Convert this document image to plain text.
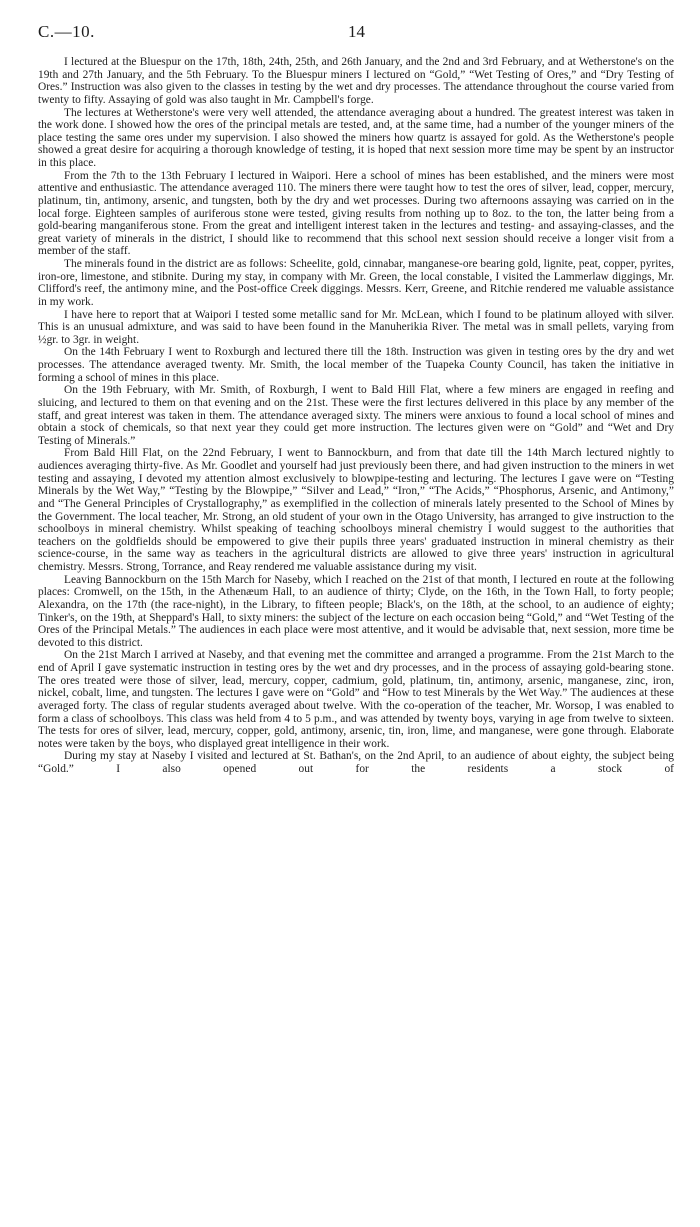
C.—10.	14

I lectured at the Bluespur on the 17th, 18th, 24th, 25th, and 26th January, and the 2nd and 3rd February, and at Wetherstone's on the 19th and 27th January, and the 5th February. To the Bluespur miners I lectured on “Gold,” “Wet Testing of Ores,” and “Dry Testing of Ores.” Instruction was also given to the classes in testing by the wet and dry processes. The attendance throughout the course varied from twenty to fifty. Assaying of gold was also taught in Mr. Campbell's forge.

The lectures at Wetherstone's were very well attended, the attendance averaging about a hundred. The greatest interest was taken in the work done. I showed how the ores of the principal metals are tested, and, at the same time, had a number of the younger miners of the place testing the same ores under my supervision. I also showed the miners how quartz is assayed for gold. As the Wetherstone's people showed a great desire for acquiring a thorough knowledge of testing, it is hoped that next session more time may be spent by an instructor in this place.

From the 7th to the 13th February I lectured in Waipori. Here a school of mines has been established, and the miners were most attentive and enthusiastic. The attendance averaged 110. The miners there were taught how to test the ores of silver, lead, copper, mercury, platinum, tin, antimony, arsenic, and tungsten, both by the dry and wet processes. During two afternoons assaying was carried on in the local forge. Eighteen samples of auriferous stone were tested, giving results from nothing up to 8oz. to the ton, the latter being from a gold-bearing manganiferous stone. From the great and intelligent interest taken in the lectures and testing- and assaying-classes, and the great variety of minerals in the district, I should like to recommend that this school next session should receive a longer visit from a member of the staff.

The minerals found in the district are as follows: Scheelite, gold, cinnabar, manganese-ore bearing gold, lignite, peat, copper, pyrites, iron-ore, limestone, and stibnite. During my stay, in company with Mr. Green, the local constable, I visited the Lammerlaw diggings, Mr. Clifford's reef, the antimony mine, and the Post-office Creek diggings. Messrs. Kerr, Greene, and Ritchie rendered me valuable assistance in my work.

I have here to report that at Waipori I tested some metallic sand for Mr. McLean, which I found to be platinum alloyed with silver. This is an unusual admixture, and was said to have been found in the Manuherikia River. The metal was in small pellets, varying from ½gr. to 3gr. in weight.

On the 14th February I went to Roxburgh and lectured there till the 18th. Instruction was given in testing ores by the dry and wet processes. The attendance averaged twenty. Mr. Smith, the local member of the Tuapeka County Council, has taken the initiative in forming a school of mines in this place.

On the 19th February, with Mr. Smith, of Roxburgh, I went to Bald Hill Flat, where a few miners are engaged in reefing and sluicing, and lectured to them on that evening and on the 21st. These were the first lectures delivered in this place by any member of the staff, and great interest was taken in them. The attendance averaged sixty. The miners were anxious to found a local school of mines and obtain a stock of chemicals, so that next year they could get more instruction. The lectures given were on “Gold” and “Wet and Dry Testing of Minerals.”

From Bald Hill Flat, on the 22nd February, I went to Bannockburn, and from that date till the 14th March lectured nightly to audiences averaging thirty-five. As Mr. Goodlet and yourself had just previously been there, and had given instruction to the miners in wet testing and assaying, I devoted my attention almost exclusively to blowpipe-testing and lecturing. The lectures I gave were on “Testing Minerals by the Wet Way,” “Testing by the Blowpipe,” “Silver and Lead,” “Iron,” “The Acids,” “Phosphorus, Arsenic, and Antimony,” and “The General Principles of Crystallography,” as exemplified in the collection of minerals lately presented to the School of Mines by the Government. The local teacher, Mr. Strong, an old student of your own in the Otago University, has arranged to give instruction to the schoolboys in mineral chemistry. Whilst speaking of teaching schoolboys mineral chemistry I would suggest to the authorities that teachers on the goldfields should be empowered to give their pupils three years' graduated instruction in mineral chemistry as their science-course, in the same way as teachers in the agricultural districts are allowed to give three years' instruction in agricultural chemistry. Messrs. Strong, Torrance, and Reay rendered me valuable assistance during my visit.

Leaving Bannockburn on the 15th March for Naseby, which I reached on the 21st of that month, I lectured en route at the following places: Cromwell, on the 15th, in the Athenæum Hall, to an audience of thirty; Clyde, on the 16th, in the Town Hall, to forty people; Alexandra, on the 17th (the race-night), in the Library, to fifteen people; Black's, on the 18th, at the school, to an audience of eighty; Tinker's, on the 19th, at Sheppard's Hall, to sixty miners: the subject of the lecture on each occasion being “Gold,” and “Wet Testing of the Ores of the Principal Metals.” The audiences in each place were most attentive, and it would be advisable that, next session, more time be devoted to this district.

On the 21st March I arrived at Naseby, and that evening met the committee and arranged a programme. From the 21st March to the end of April I gave systematic instruction in testing ores by the wet and dry processes, and in the process of assaying gold-bearing stone. The ores treated were those of silver, lead, mercury, copper, cadmium, gold, platinum, tin, antimony, arsenic, manganese, zinc, iron, nickel, cobalt, lime, and tungsten. The lectures I gave were on “Gold” and “How to test Minerals by the Wet Way.” The audiences at these averaged forty. The class of regular students averaged about twelve. With the co-operation of the teacher, Mr. Worsop, I was enabled to form a class of schoolboys. This class was held from 4 to 5 p.m., and was attended by twenty boys, varying in age from twelve to sixteen. The tests for ores of silver, lead, mercury, copper, gold, antimony, arsenic, tin, iron, lime, and manganese, were gone through. Elaborate notes were taken by the boys, who displayed great intelligence in their work.

During my stay at Naseby I visited and lectured at St. Bathan's, on the 2nd April, to an audience of about eighty, the subject being “Gold.” I also opened out for the residents a stock of
